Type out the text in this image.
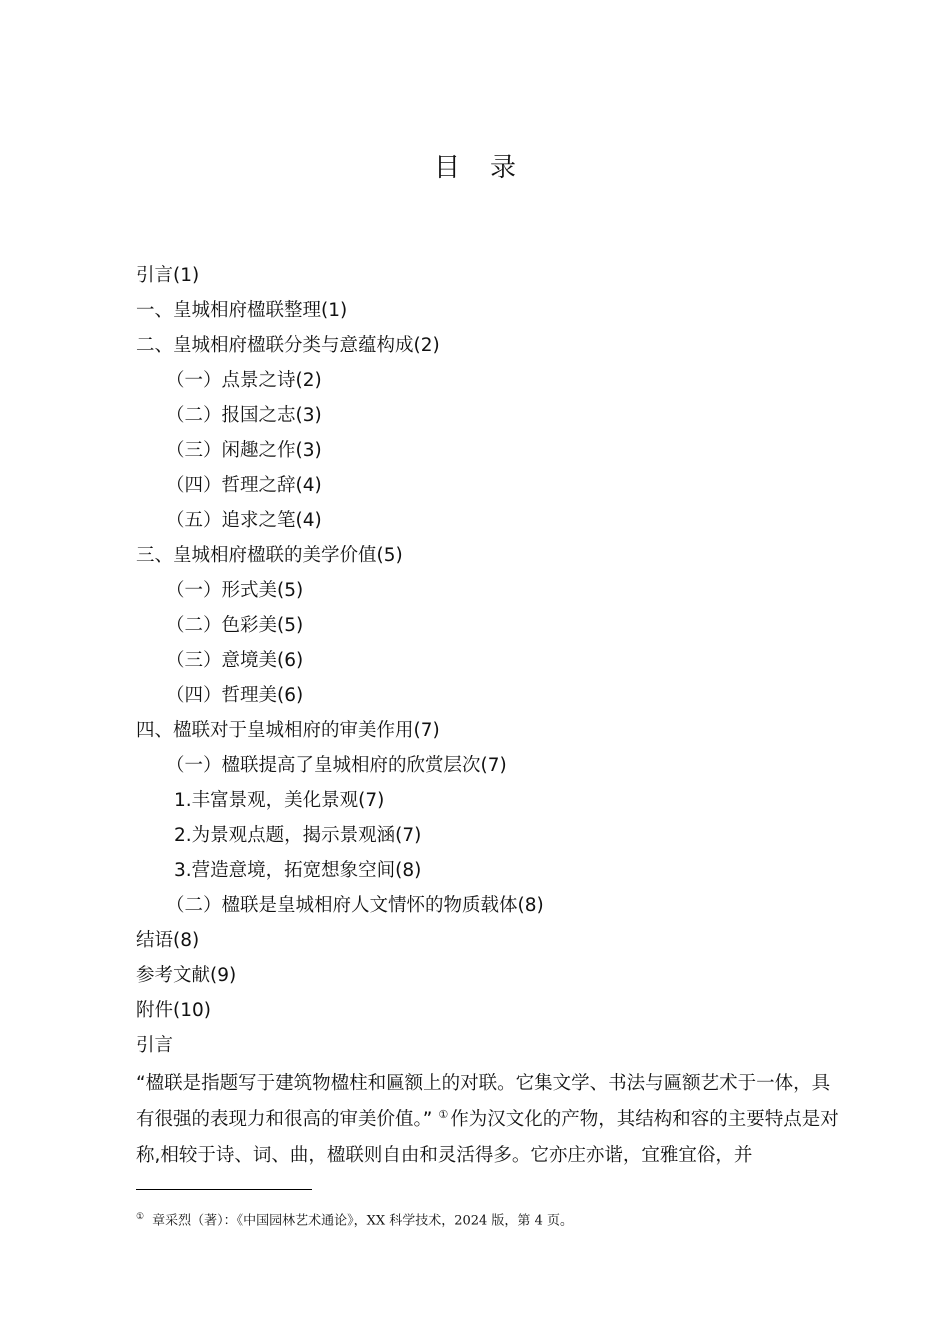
目录
引言(1)
一、皇城相府楹联整理(1)
二、皇城相府楹联分类与意蕴构成(2)
（一）点景之诗(2)
（二）报国之志(3)
（三）闲趣之作(3)
（四）哲理之辞(4)
（五）追求之笔(4)
三、皇城相府楹联的美学价值(5)
（一）形式美(5)
（二）色彩美(5)
（三）意境美(6)
（四）哲理美(6)
四、楹联对于皇城相府的审美作用(7)
（一）楹联提高了皇城相府的欣赏层次(7)
1.丰富景观，美化景观(7)
2.为景观点题，揭示景观涵(7)
3.营造意境，拓宽想象空间(8)
（二）楹联是皇城相府人文情怀的物质载体(8)
结语(8)
参考文献(9)
附件(10)
引言

“楹联是指题写于建筑物楹柱和匾额上的对联。它集文学、书法与匾额艺术于一体，具有很强的表现力和很高的审美价值。” ① 作为汉文化的产物，其结构和容的主要特点是对称,相较于诗、词、曲，楹联则自由和灵活得多。它亦庄亦谐，宜雅宜俗，并

① 章采烈（著）：《中国园林艺术通论》，XX 科学技术，2024 版，第 4 页。
